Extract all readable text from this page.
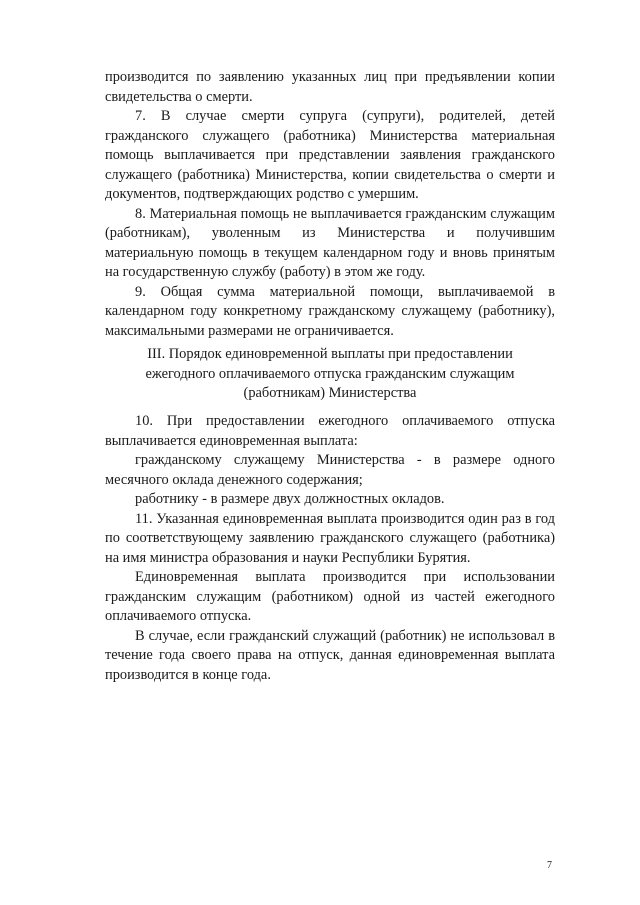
производится по заявлению указанных лиц при предъявлении копии свидетельства о смерти.

7. В случае смерти супруга (супруги), родителей, детей гражданского служащего (работника) Министерства материальная помощь выплачивается при представлении заявления гражданского служащего (работника) Министерства, копии свидетельства о смерти и документов, подтверждающих родство с умершим.

8. Материальная помощь не выплачивается гражданским служащим (работникам), уволенным из Министерства и получившим материальную помощь в текущем календарном году и вновь принятым на государственную службу (работу) в этом же году.

9. Общая сумма материальной помощи, выплачиваемой в календарном году конкретному гражданскому служащему (работнику), максимальными размерами не ограничивается.

III. Порядок единовременной выплаты при предоставлении
ежегодного оплачиваемого отпуска гражданским служащим
(работникам) Министерства

10. При предоставлении ежегодного оплачиваемого отпуска выплачивается единовременная выплата:

гражданскому служащему Министерства - в размере одного месячного оклада денежного содержания;

работнику - в размере двух должностных окладов.

11. Указанная единовременная выплата производится один раз в год по соответствующему заявлению гражданского служащего (работника) на имя министра образования и науки Республики Бурятия.

Единовременная выплата производится при использовании гражданским служащим (работником) одной из частей ежегодного оплачиваемого отпуска.

В случае, если гражданский служащий (работник) не использовал в течение года своего права на отпуск, данная единовременная выплата производится в конце года.

7
